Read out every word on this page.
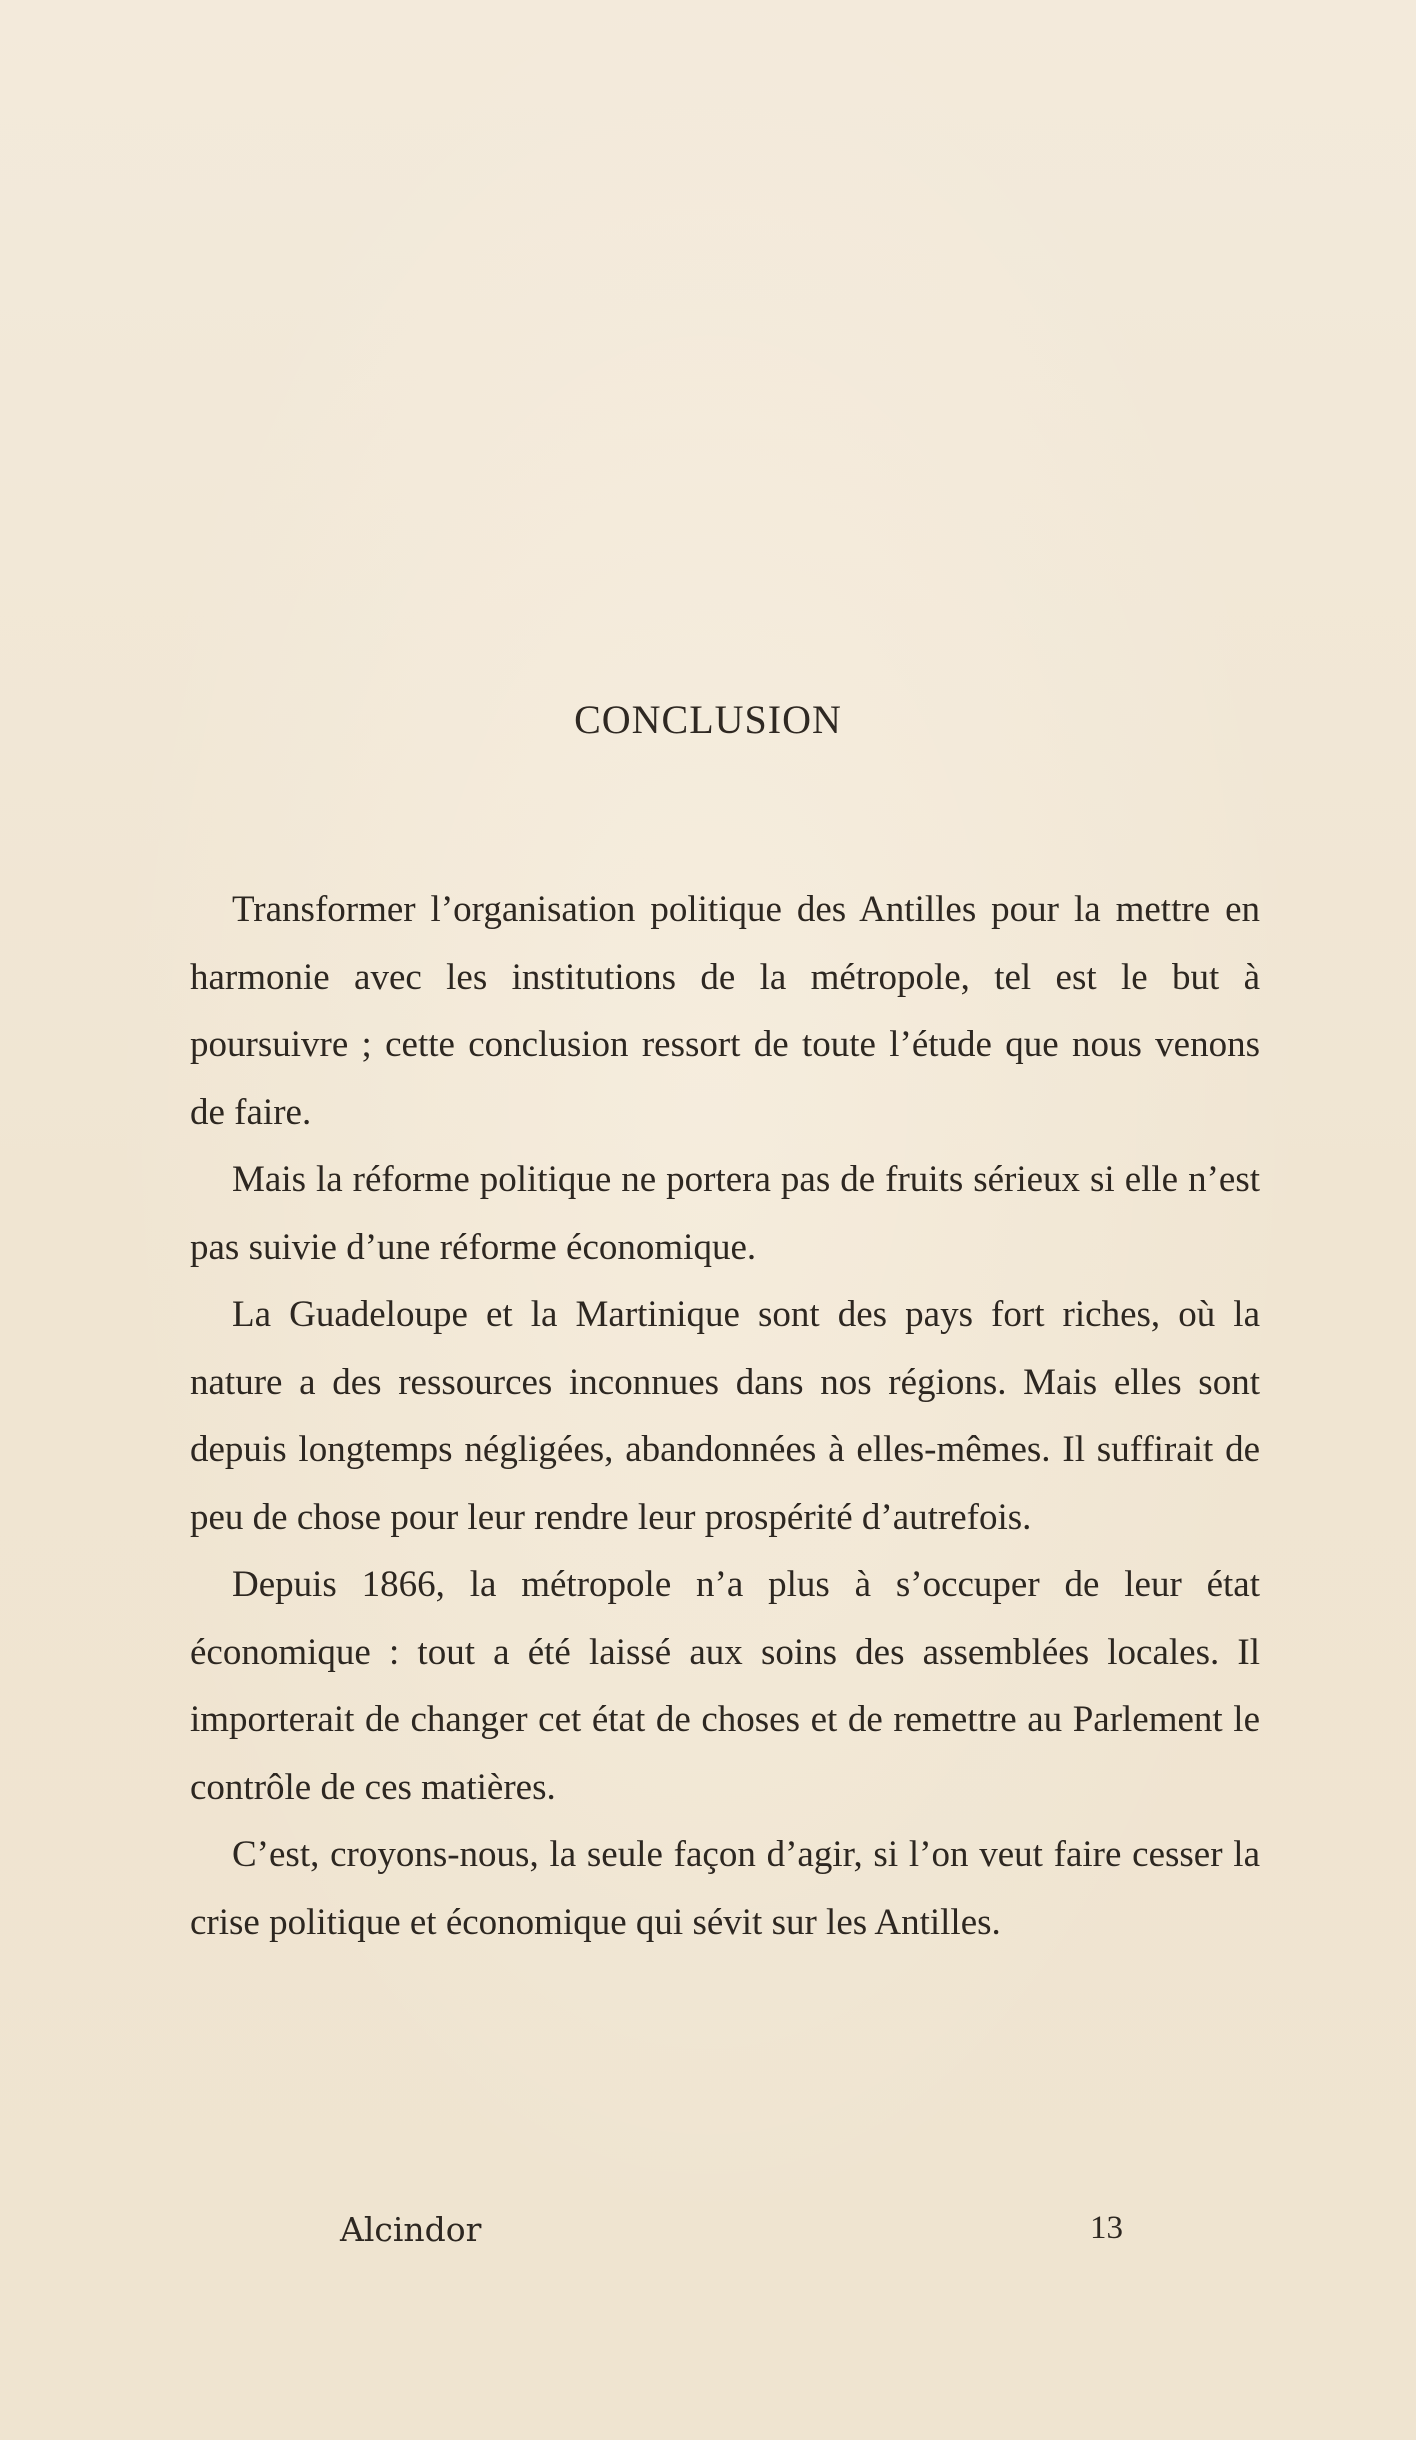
CONCLUSION

Transformer l’organisation politique des Antilles pour la mettre en harmonie avec les institutions de la métropole, tel est le but à poursuivre ; cette conclusion ressort de toute l’étude que nous venons de faire.

Mais la réforme politique ne portera pas de fruits sérieux si elle n’est pas suivie d’une réforme économique.

La Guadeloupe et la Martinique sont des pays fort riches, où la nature a des ressources inconnues dans nos régions. Mais elles sont depuis longtemps négligées, abandonnées à elles-mêmes. Il suffirait de peu de chose pour leur rendre leur prospérité d’autrefois.

Depuis 1866, la métropole n’a plus à s’occuper de leur état économique : tout a été laissé aux soins des assemblées locales. Il importerait de changer cet état de choses et de remettre au Parlement le contrôle de ces matières.

C’est, croyons-nous, la seule façon d’agir, si l’on veut faire cesser la crise politique et économique qui sévit sur les Antilles.

Alcindor	13
